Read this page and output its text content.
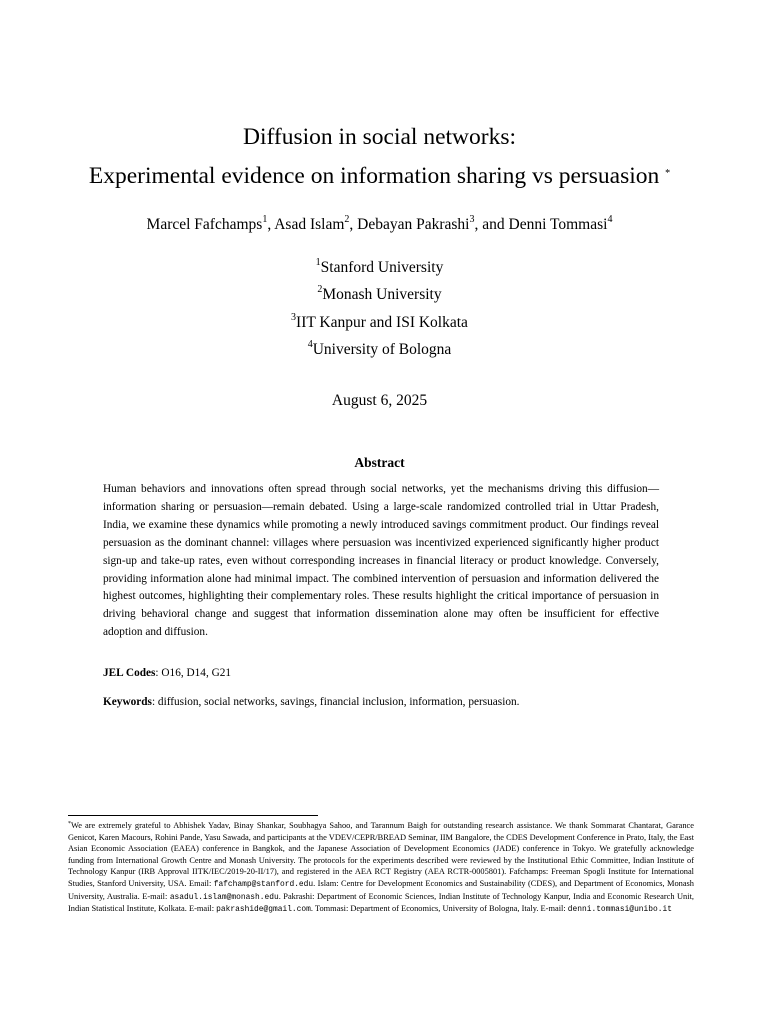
Diffusion in social networks:
Experimental evidence on information sharing vs persuasion *
Marcel Fafchamps$^1$, Asad Islam$^2$, Debayan Pakrashi$^3$, and Denni Tommasi$^4$
$^1$Stanford University
$^2$Monash University
$^3$IIT Kanpur and ISI Kolkata
$^4$University of Bologna
August 6, 2025
Abstract
Human behaviors and innovations often spread through social networks, yet the mechanisms driving this diffusion—information sharing or persuasion—remain debated. Using a large-scale randomized controlled trial in Uttar Pradesh, India, we examine these dynamics while promoting a newly introduced savings commitment product. Our findings reveal persuasion as the dominant channel: villages where persuasion was incentivized experienced significantly higher product sign-up and take-up rates, even without corresponding increases in financial literacy or product knowledge. Conversely, providing information alone had minimal impact. The combined intervention of persuasion and information delivered the highest outcomes, highlighting their complementary roles. These results highlight the critical importance of persuasion in driving behavioral change and suggest that information dissemination alone may often be insufficient for effective adoption and diffusion.
JEL Codes: O16, D14, G21
Keywords: diffusion, social networks, savings, financial inclusion, information, persuasion.
*We are extremely grateful to Abhishek Yadav, Binay Shankar, Soubhagya Sahoo, and Tarannum Baigh for outstanding research assistance. We thank Sommarat Chantarat, Garance Genicot, Karen Macours, Rohini Pande, Yasu Sawada, and participants at the VDEV/CEPR/BREAD Seminar, IIM Bangalore, the CDES Development Conference in Prato, Italy, the East Asian Economic Association (EAEA) conference in Bangkok, and the Japanese Association of Development Economics (JADE) conference in Tokyo. We gratefully acknowledge funding from International Growth Centre and Monash University. The protocols for the experiments described were reviewed by the Institutional Ethic Committee, Indian Institute of Technology Kanpur (IRB Approval IITK/IEC/2019-20-II/17), and registered in the AEA RCT Registry (AEA RCTR-0005801). Fafchamps: Freeman Spogli Institute for International Studies, Stanford University, USA. Email: fafchamp@stanford.edu. Islam: Centre for Development Economics and Sustainability (CDES), and Department of Economics, Monash University, Australia. E-mail: asadul.islam@monash.edu. Pakrashi: Department of Economic Sciences, Indian Institute of Technology Kanpur, India and Economic Research Unit, Indian Statistical Institute, Kolkata. E-mail: pakrashide@gmail.com. Tommasi: Department of Economics, University of Bologna, Italy. E-mail: denni.tommasi@unibo.it
